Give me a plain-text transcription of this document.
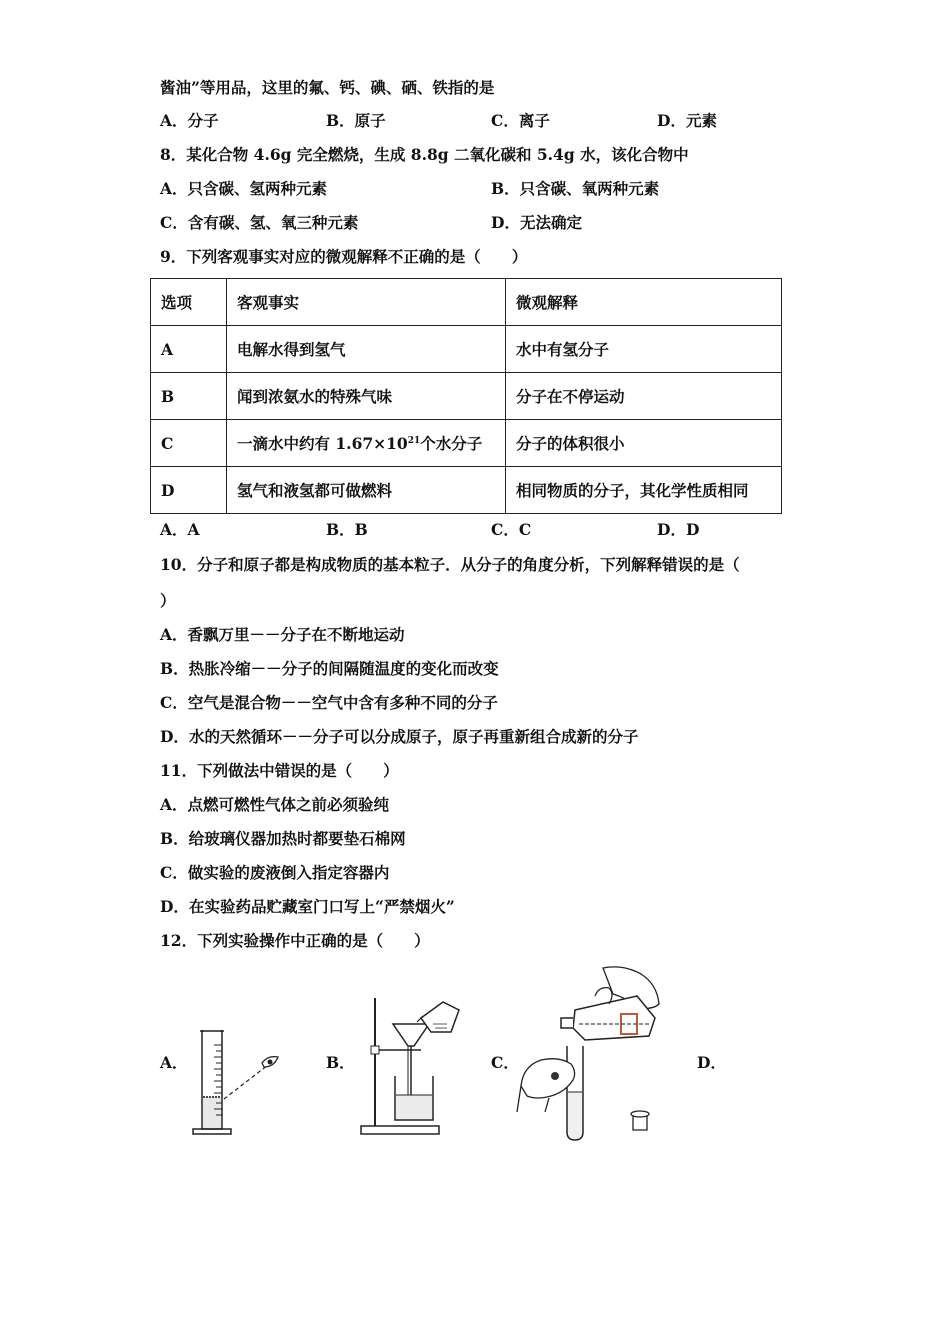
酱油”等用品，这里的氟、钙、碘、硒、铁指的是
A．分子	B．原子	C．离子	D．元素
8．某化合物 4.6g 完全燃烧，生成 8.8g 二氧化碳和 5.4g 水，该化合物中
A．只含碳、氢两种元素	B．只含碳、氧两种元素
C．含有碳、氢、氧三种元素	D．无法确定
9．下列客观事实对应的微观解释不正确的是（　　）
选项	客观事实	微观解释
A	电解水得到氢气	水中有氢分子
B	闻到浓氨水的特殊气味	分子在不停运动
C	一滴水中约有 $1.67\times 10^{21}$个水分子	分子的体积很小
D	氢气和液氢都可做燃料	相同物质的分子，其化学性质相同
A．A	B．B	C．C	D．D
10．分子和原子都是构成物质的基本粒子．从分子的角度分析，下列解释错误的是（
）
A．香飘万里－－分子在不断地运动
B．热胀冷缩－－分子的间隔随温度的变化而改变
C．空气是混合物－－空气中含有多种不同的分子
D．水的天然循环－－分子可以分成原子，原子再重新组合成新的分子
11．下列做法中错误的是（　　）
A．点燃可燃性气体之前必须验纯
B．给玻璃仪器加热时都要垫石棉网
C．做实验的废液倒入指定容器内
D．在实验药品贮藏室门口写上“严禁烟火”
12．下列实验操作中正确的是（　　）
A．	B．	C．	D．
